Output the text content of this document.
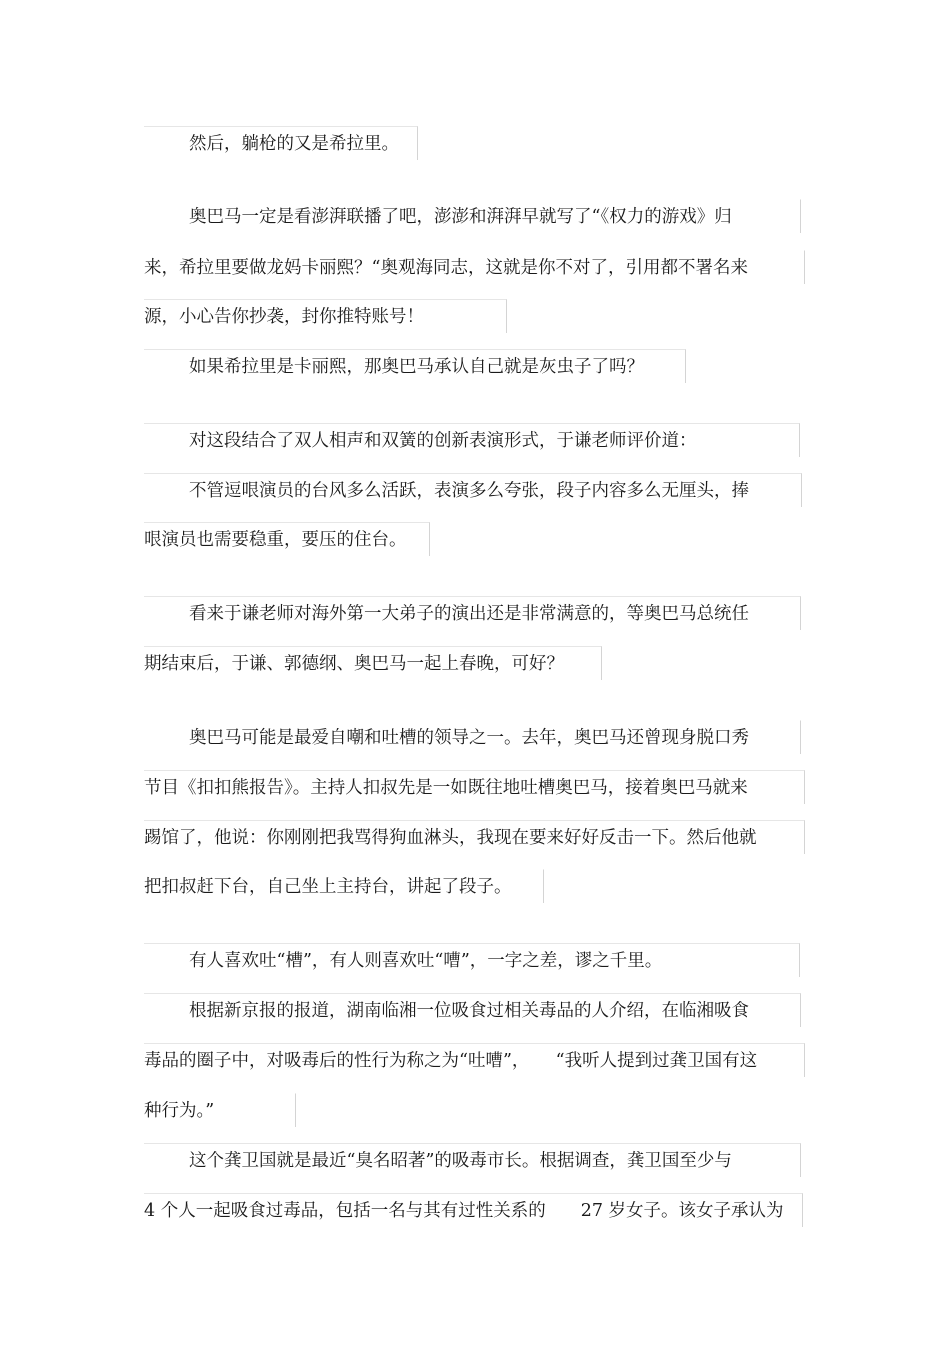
然后，躺枪的又是希拉里。
奥巴马一定是看澎湃联播了吧，澎澎和湃湃早就写了“《权力的游戏》归
来，希拉里要做龙妈卡丽熙？“奥观海同志，这就是你不对了，引用都不署名来
源，小心告你抄袭，封你推特账号！
如果希拉里是卡丽熙，那奥巴马承认自己就是灰虫子了吗？
对这段结合了双人相声和双簧的创新表演形式，于谦老师评价道：
不管逗哏演员的台风多么活跃，表演多么夸张，段子内容多么无厘头，捧
哏演员也需要稳重，要压的住台。
看来于谦老师对海外第一大弟子的演出还是非常满意的，等奥巴马总统任
期结束后，于谦、郭德纲、奥巴马一起上春晚，可好？
奥巴马可能是最爱自嘲和吐槽的领导之一。去年，奥巴马还曾现身脱口秀
节目《扣扣熊报告》。主持人扣叔先是一如既往地吐槽奥巴马，接着奥巴马就来
踢馆了，他说：你刚刚把我骂得狗血淋头，我现在要来好好反击一下。然后他就
把扣叔赶下台，自己坐上主持台，讲起了段子。
有人喜欢吐“槽”，有人则喜欢吐“嘈”，一字之差，谬之千里。
根据新京报的报道，湖南临湘一位吸食过相关毒品的人介绍，在临湘吸食
毒品的圈子中，对吸毒后的性行为称之为“吐嘈”，　　“我听人提到过龚卫国有这
种行为。”
这个龚卫国就是最近“臭名昭著”的吸毒市长。根据调查，龚卫国至少与
4 个人一起吸食过毒品，包括一名与其有过性关系的　　27 岁女子。该女子承认为
